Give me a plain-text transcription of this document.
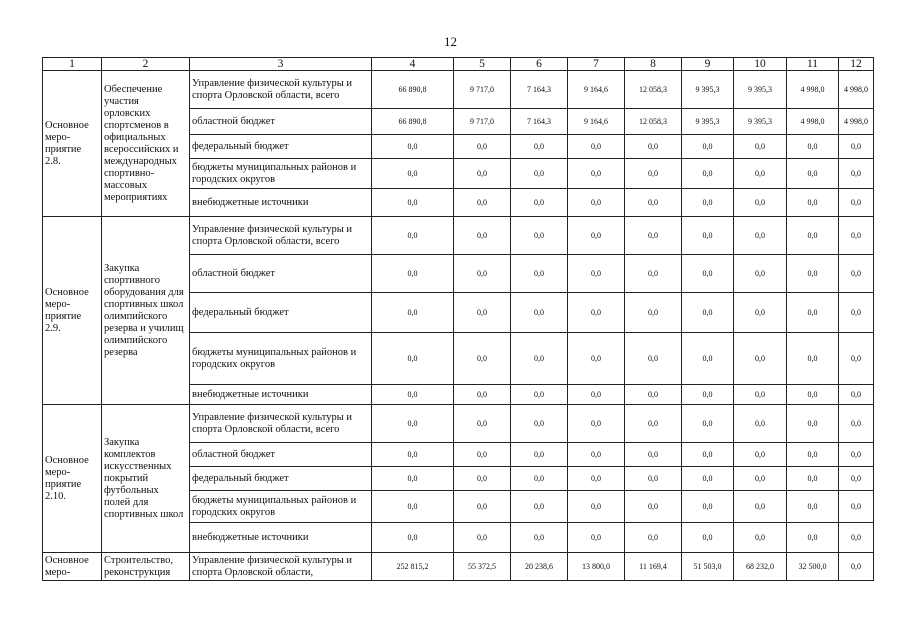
12
1	2	3	4	5	6	7	8	9	10	11	12
Основное меро-приятие 2.8.	Обеспечение участия орловских спортсменов в официальных всероссийских и международных спортивно-массовых мероприятиях	Управление физической культуры и спорта Орловской области, всего	66 890,8	9 717,0	7 164,3	9 164,6	12 058,3	9 395,3	9 395,3	4 998,0	4 998,0
		областной бюджет	66 890,8	9 717,0	7 164,3	9 164,6	12 058,3	9 395,3	9 395,3	4 998,0	4 998,0
		федеральный бюджет	0,0	0,0	0,0	0,0	0,0	0,0	0,0	0,0	0,0
		бюджеты муниципальных районов и городских округов	0,0	0,0	0,0	0,0	0,0	0,0	0,0	0,0	0,0
		внебюджетные источники	0,0	0,0	0,0	0,0	0,0	0,0	0,0	0,0	0,0
Основное меро-приятие 2.9.	Закупка спортивного оборудования для спортивных школ олимпийского резерва и училищ олимпийского резерва	Управление физической культуры и спорта Орловской области, всего	0,0	0,0	0,0	0,0	0,0	0,0	0,0	0,0	0,0
		областной бюджет	0,0	0,0	0,0	0,0	0,0	0,0	0,0	0,0	0,0
		федеральный бюджет	0,0	0,0	0,0	0,0	0,0	0,0	0,0	0,0	0,0
		бюджеты муниципальных районов и городских округов	0,0	0,0	0,0	0,0	0,0	0,0	0,0	0,0	0,0
		внебюджетные источники	0,0	0,0	0,0	0,0	0,0	0,0	0,0	0,0	0,0
Основное меро-приятие 2.10.	Закупка комплектов искусственных покрытий футбольных полей для спортивных школ	Управление физической культуры и спорта Орловской области, всего	0,0	0,0	0,0	0,0	0,0	0,0	0,0	0,0	0,0
		областной бюджет	0,0	0,0	0,0	0,0	0,0	0,0	0,0	0,0	0,0
		федеральный бюджет	0,0	0,0	0,0	0,0	0,0	0,0	0,0	0,0	0,0
		бюджеты муниципальных районов и городских округов	0,0	0,0	0,0	0,0	0,0	0,0	0,0	0,0	0,0
		внебюджетные источники	0,0	0,0	0,0	0,0	0,0	0,0	0,0	0,0	0,0
Основное меро-	Строительство, реконструкция	Управление физической культуры и спорта Орловской области,	252 815,2	55 372,5	20 238,6	13 800,0	11 169,4	51 503,0	68 232,0	32 500,0	0,0
